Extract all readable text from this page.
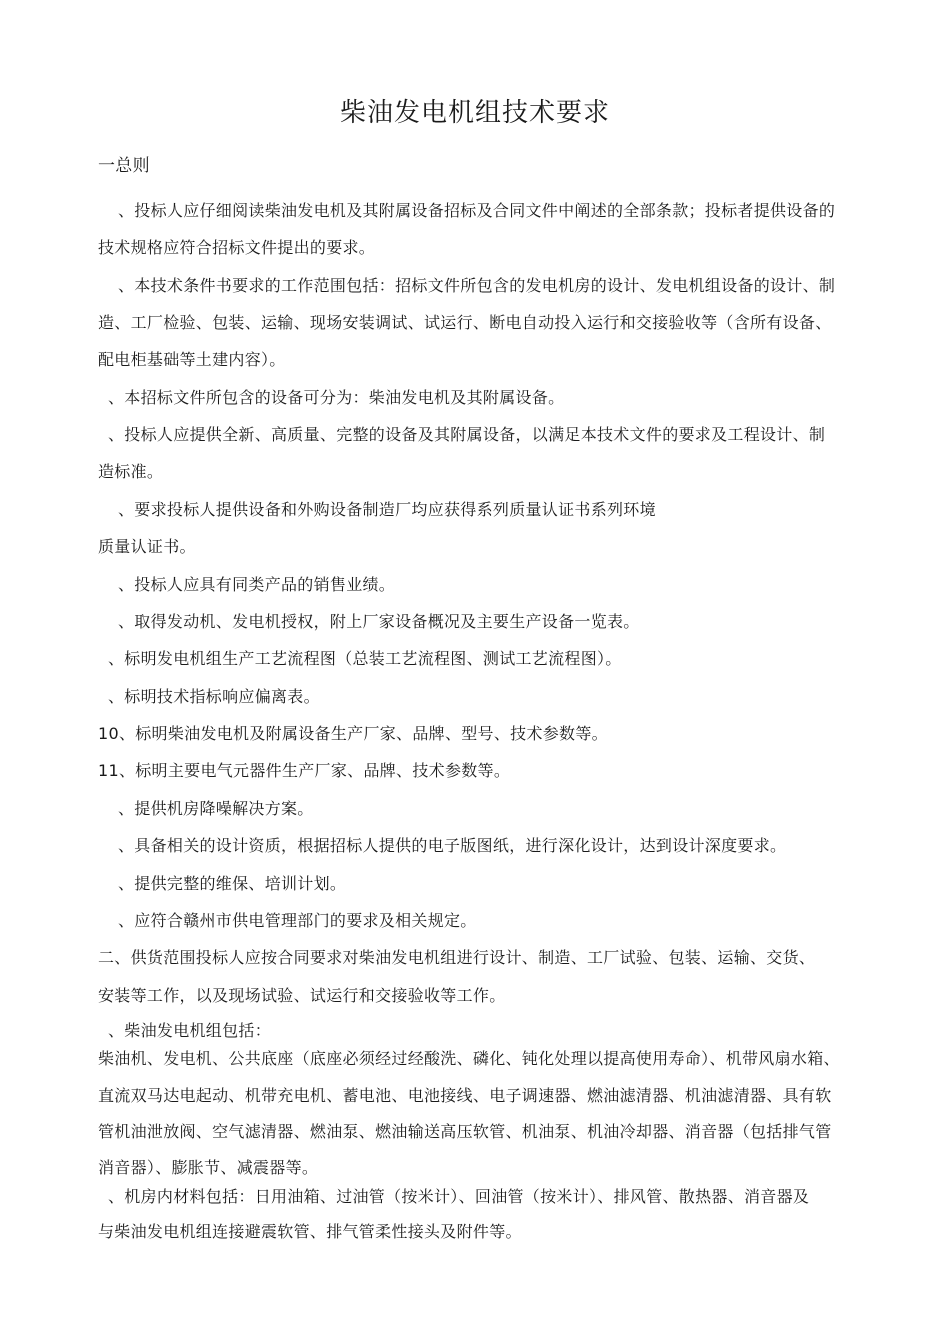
柴油发电机组技术要求
一总则
、投标人应仔细阅读柴油发电机及其附属设备招标及合同文件中阐述的全部条款；投标者提供设备的
技术规格应符合招标文件提出的要求。
、本技术条件书要求的工作范围包括：招标文件所包含的发电机房的设计、发电机组设备的设计、制
造、工厂检验、包装、运输、现场安装调试、试运行、断电自动投入运行和交接验收等（含所有设备、
配电柜基础等土建内容）。
、本招标文件所包含的设备可分为：柴油发电机及其附属设备。
、投标人应提供全新、高质量、完整的设备及其附属设备，以满足本技术文件的要求及工程设计、制
造标准。
、要求投标人提供设备和外购设备制造厂均应获得系列质量认证书系列环境
质量认证书。
、投标人应具有同类产品的销售业绩。
、取得发动机、发电机授权，附上厂家设备概况及主要生产设备一览表。
、标明发电机组生产工艺流程图（总装工艺流程图、测试工艺流程图）。
、标明技术指标响应偏离表。
10、标明柴油发电机及附属设备生产厂家、品牌、型号、技术参数等。
11、标明主要电气元器件生产厂家、品牌、技术参数等。
、提供机房降噪解决方案。
、具备相关的设计资质，根据招标人提供的电子版图纸，进行深化设计，达到设计深度要求。
、提供完整的维保、培训计划。
、应符合赣州市供电管理部门的要求及相关规定。
二、供货范围投标人应按合同要求对柴油发电机组进行设计、制造、工厂试验、包装、运输、交货、
安装等工作，以及现场试验、试运行和交接验收等工作。
、柴油发电机组包括：
柴油机、发电机、公共底座（底座必须经过经酸洗、磷化、钝化处理以提高使用寿命）、机带风扇水箱、
直流双马达电起动、机带充电机、蓄电池、电池接线、电子调速器、燃油滤清器、机油滤清器、具有软
管机油泄放阀、空气滤清器、燃油泵、燃油输送高压软管、机油泵、机油冷却器、消音器（包括排气管
消音器）、膨胀节、减震器等。
、机房内材料包括：日用油箱、过油管（按米计）、回油管（按米计）、排风管、散热器、消音器及
与柴油发电机组连接避震软管、排气管柔性接头及附件等。
